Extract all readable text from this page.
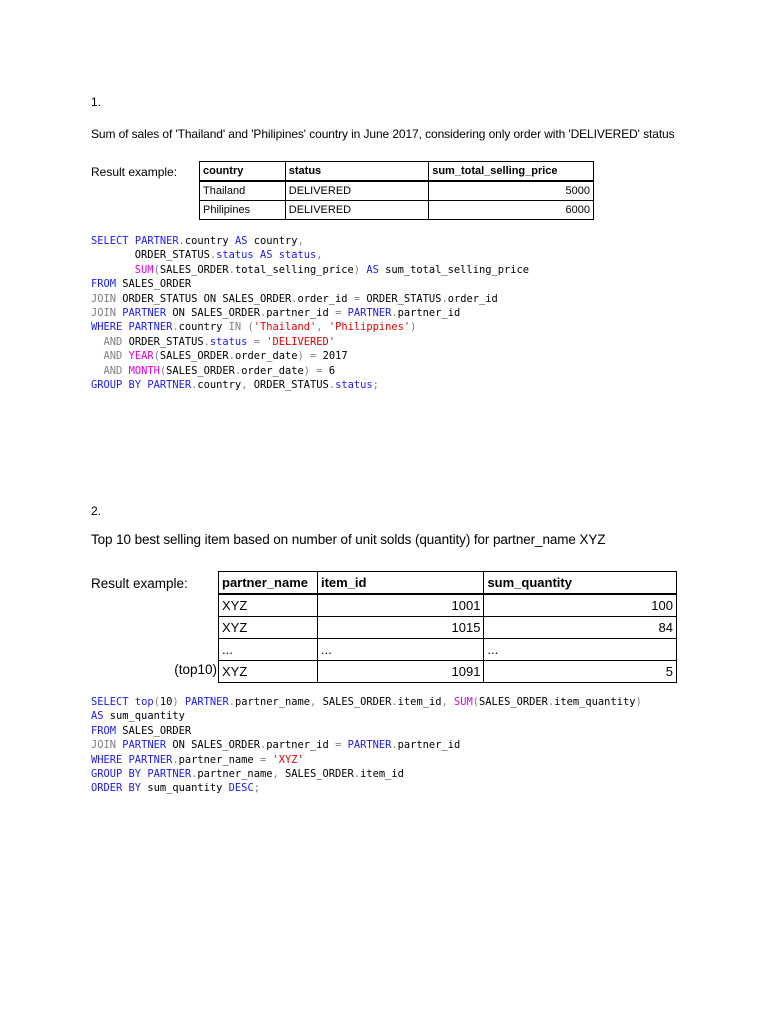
1.
Sum of sales of 'Thailand' and 'Philipines' country in June 2017, considering only order with 'DELIVERED' status
Result example: country	status	sum_total_selling_price
Thailand	DELIVERED	5000
Philipines	DELIVERED	6000
SELECT PARTNER.country AS country,
ORDER_STATUS.status AS status,
SUM(SALES_ORDER.total_selling_price) AS sum_total_selling_price
FROM SALES_ORDER
JOIN ORDER_STATUS ON SALES_ORDER.order_id = ORDER_STATUS.order_id
JOIN PARTNER ON SALES_ORDER.partner_id = PARTNER.partner_id
WHERE PARTNER.country IN ('Thailand', 'Philippines')
AND ORDER_STATUS.status = 'DELIVERED'
AND YEAR(SALES_ORDER.order_date) = 2017
AND MONTH(SALES_ORDER.order_date) = 6
GROUP BY PARTNER.country, ORDER_STATUS.status;
2.
Top 10 best selling item based on number of unit solds (quantity) for partner_name XYZ
Result example:
(top10)
partner_name	item_id	sum_quantity
XYZ	1001	100
XYZ	1015	84
...	...	...
XYZ	1091	5
SELECT top(10) PARTNER.partner_name, SALES_ORDER.item_id, SUM(SALES_ORDER.item_quantity)
AS sum_quantity
FROM SALES_ORDER
JOIN PARTNER ON SALES_ORDER.partner_id = PARTNER.partner_id
WHERE PARTNER.partner_name = 'XYZ'
GROUP BY PARTNER.partner_name, SALES_ORDER.item_id
ORDER BY sum_quantity DESC;
